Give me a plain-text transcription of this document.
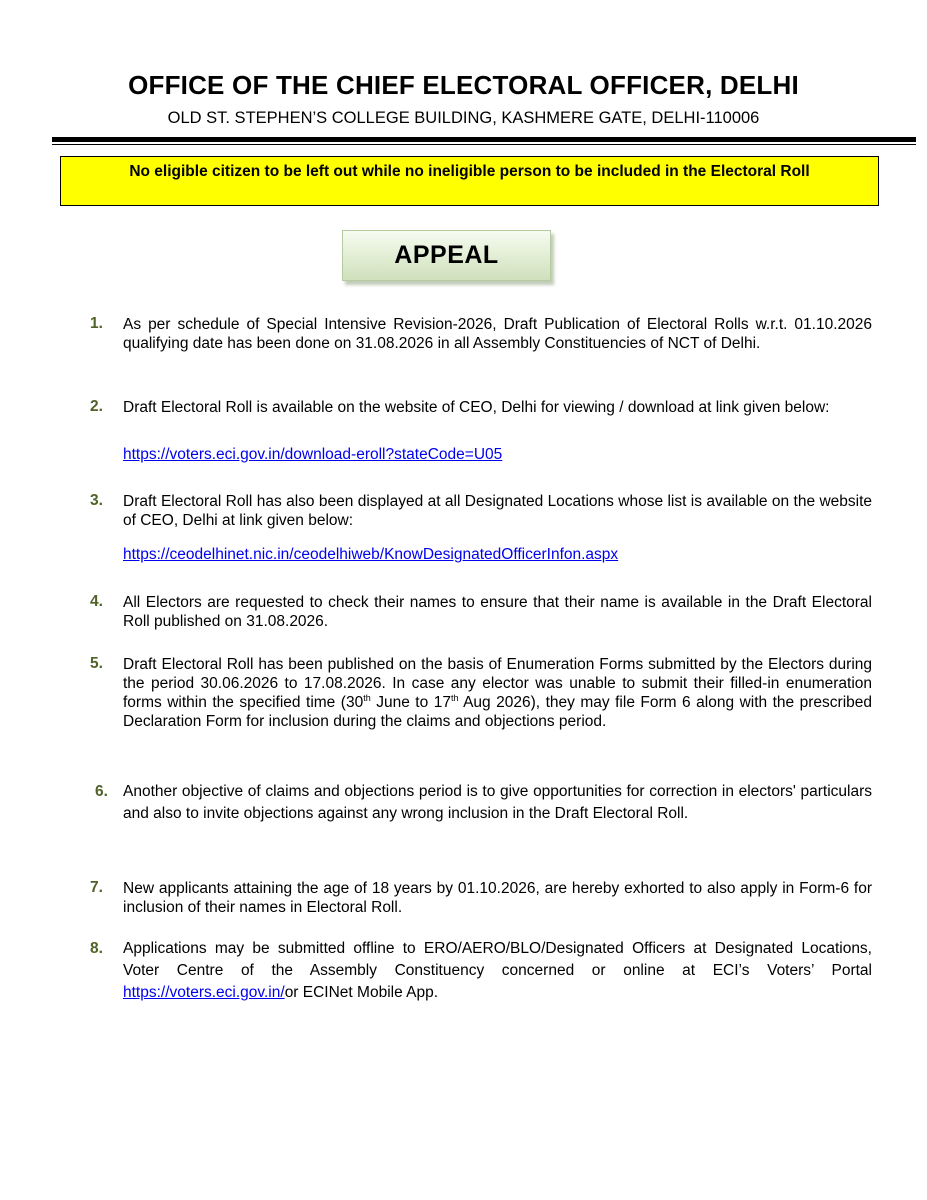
OFFICE OF THE CHIEF ELECTORAL OFFICER, DELHI
OLD ST. STEPHEN’S COLLEGE BUILDING, KASHMERE GATE, DELHI-110006
No eligible citizen to be left out while no ineligible person to be included in the Electoral Roll
APPEAL
1. As per schedule of Special Intensive Revision-2026, Draft Publication of Electoral Rolls w.r.t. 01.10.2026 qualifying date has been done on 31.08.2026 in all Assembly Constituencies of NCT of Delhi.
2. Draft Electoral Roll is available on the website of CEO, Delhi for viewing / download at link given below:
https://voters.eci.gov.in/download-eroll?stateCode=U05
3. Draft Electoral Roll has also been displayed at all Designated Locations whose list is available on the website of CEO, Delhi at link given below:
https://ceodelhinet.nic.in/ceodelhiweb/KnowDesignatedOfficerInfon.aspx
4. All Electors are requested to check their names to ensure that their name is available in the Draft Electoral Roll published on 31.08.2026.
5. Draft Electoral Roll has been published on the basis of Enumeration Forms submitted by the Electors during the period 30.06.2026 to 17.08.2026. In case any elector was unable to submit their filled-in enumeration forms within the specified time (30th June to 17th Aug 2026), they may file Form 6 along with the prescribed Declaration Form for inclusion during the claims and objections period.
6. Another objective of claims and objections period is to give opportunities for correction in electors' particulars and also to invite objections against any wrong inclusion in the Draft Electoral Roll.
7. New applicants attaining the age of 18 years by 01.10.2026, are hereby exhorted to also apply in Form-6 for inclusion of their names in Electoral Roll.
8. Applications may be submitted offline to ERO/AERO/BLO/Designated Officers at Designated Locations, Voter Centre of the Assembly Constituency concerned or online at ECI’s Voters’ Portal https://voters.eci.gov.in/or ECINet Mobile App.
